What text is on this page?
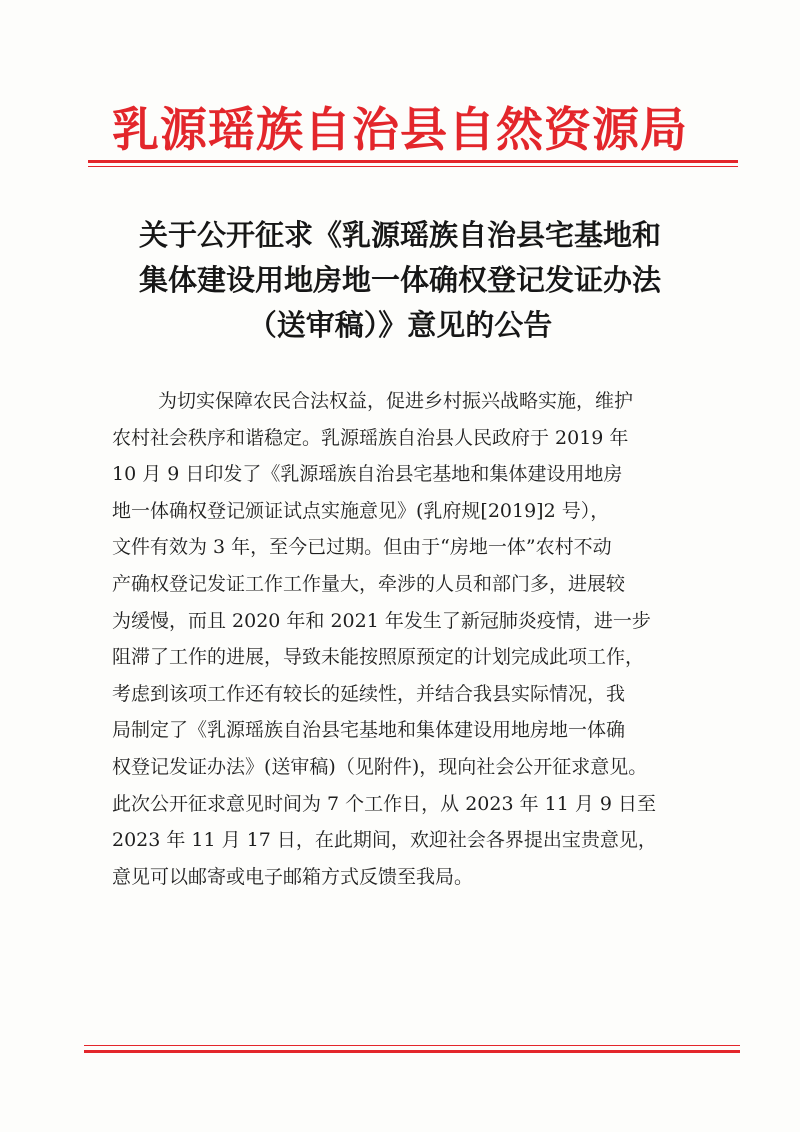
乳源瑶族自治县自然资源局
关于公开征求《乳源瑶族自治县宅基地和
集体建设用地房地一体确权登记发证办法
（送审稿）》意见的公告
为切实保障农民合法权益，促进乡村振兴战略实施，维护
农村社会秩序和谐稳定。乳源瑶族自治县人民政府于 2019 年
10 月 9 日印发了《乳源瑶族自治县宅基地和集体建设用地房
地一体确权登记颁证试点实施意见》(乳府规[2019]2 号），
文件有效为 3 年，至今已过期。但由于“房地一体”农村不动
产确权登记发证工作工作量大，牵涉的人员和部门多，进展较
为缓慢，而且 2020 年和 2021 年发生了新冠肺炎疫情，进一步
阻滞了工作的进展，导致未能按照原预定的计划完成此项工作，
考虑到该项工作还有较长的延续性，并结合我县实际情况，我
局制定了《乳源瑶族自治县宅基地和集体建设用地房地一体确
权登记发证办法》(送审稿)（见附件)，现向社会公开征求意见。
此次公开征求意见时间为 7 个工作日，从 2023 年 11 月 9 日至
2023 年 11 月 17 日，在此期间，欢迎社会各界提出宝贵意见，
意见可以邮寄或电子邮箱方式反馈至我局。
